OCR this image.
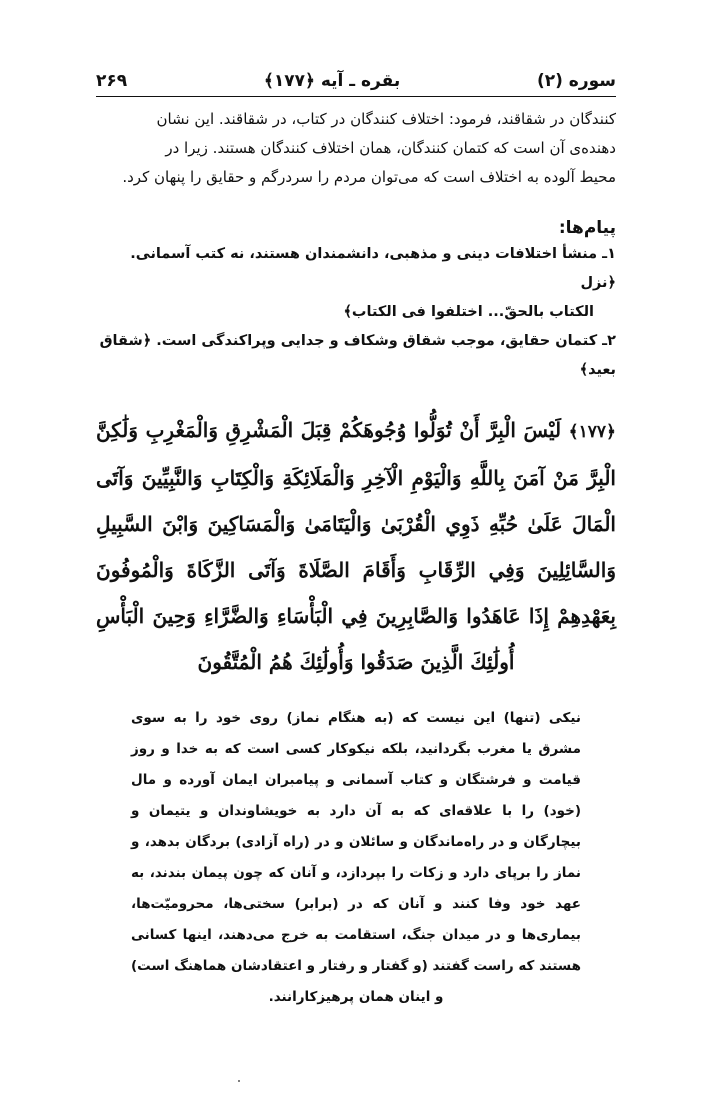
۲۶۹	بقره ـ آیه ﴿۱۷۷﴾	سوره (۲)

کنندگان در شقاقند، فرمود: اختلاف کنندگان در کتاب، در شقاقند. این نشان

دهنده‌ی آن است که کتمان کنندگان، همان اختلاف کنندگان هستند. زیرا در

محیط آلوده به اختلاف است که می‌توان مردم را سردرگم و حقایق را پنهان کرد.

پیام‌ها:

۱ـ منشأ اختلافات دینی و مذهبی، دانشمندان هستند، نه کتب آسمانی. ﴿نزل

الکتاب بالحقّ... اختلفوا فی الکتاب﴾

۲ـ کتمان حقایق، موجب شقاق وشکاف و جدایی وپراکندگی است. ﴿شقاق بعید﴾

﴿۱۷۷﴾ لَيْسَ الْبِرَّ أَنْ تُوَلُّوا وُجُوهَكُمْ قِبَلَ الْمَشْرِقِ وَالْمَغْرِبِ وَلَٰكِنَّ الْبِرَّ مَنْ آمَنَ بِاللَّهِ وَالْيَوْمِ الْآخِرِ وَالْمَلَائِكَةِ وَالْكِتَابِ وَالنَّبِيِّينَ وَآتَى الْمَالَ عَلَىٰ حُبِّهِ ذَوِي الْقُرْبَىٰ وَالْيَتَامَىٰ وَالْمَسَاكِينَ وَابْنَ السَّبِيلِ وَالسَّائِلِينَ وَفِي الرِّقَابِ وَأَقَامَ الصَّلَاةَ وَآتَى الزَّكَاةَ وَالْمُوفُونَ بِعَهْدِهِمْ إِذَا عَاهَدُوا وَالصَّابِرِينَ فِي الْبَأْسَاءِ وَالضَّرَّاءِ وَحِينَ الْبَأْسِ أُولَٰئِكَ الَّذِينَ صَدَقُوا وَأُولَٰئِكَ هُمُ الْمُتَّقُونَ
نیکی (تنها) این نیست که (به هنگام نماز) روی خود را به سوی مشرق یا مغرب بگردانید، بلکه نیکوکار کسی است که به خدا و روز قیامت و فرشتگان و کتاب آسمانی و پیامبران ایمان آورده و مال (خود) را با علاقه‌ای که به آن دارد به خویشاوندان و یتیمان و بیچارگان و در راه‌ماندگان و سائلان و در (راه آزادی) بردگان بدهد، و نماز را برپای دارد و زکات را بپردازد، و آنان که چون پیمان بندند، به عهد خود وفا کنند و آنان که در (برابر) سختی‌ها، محرومیّت‌ها، بیماری‌ها و در میدان جنگ، استقامت به خرج می‌دهند، اینها کسانی هستند که راست گفتند (و گفتار و رفتار و اعتقادشان هماهنگ است) و اینان همان پرهیزکارانند.
